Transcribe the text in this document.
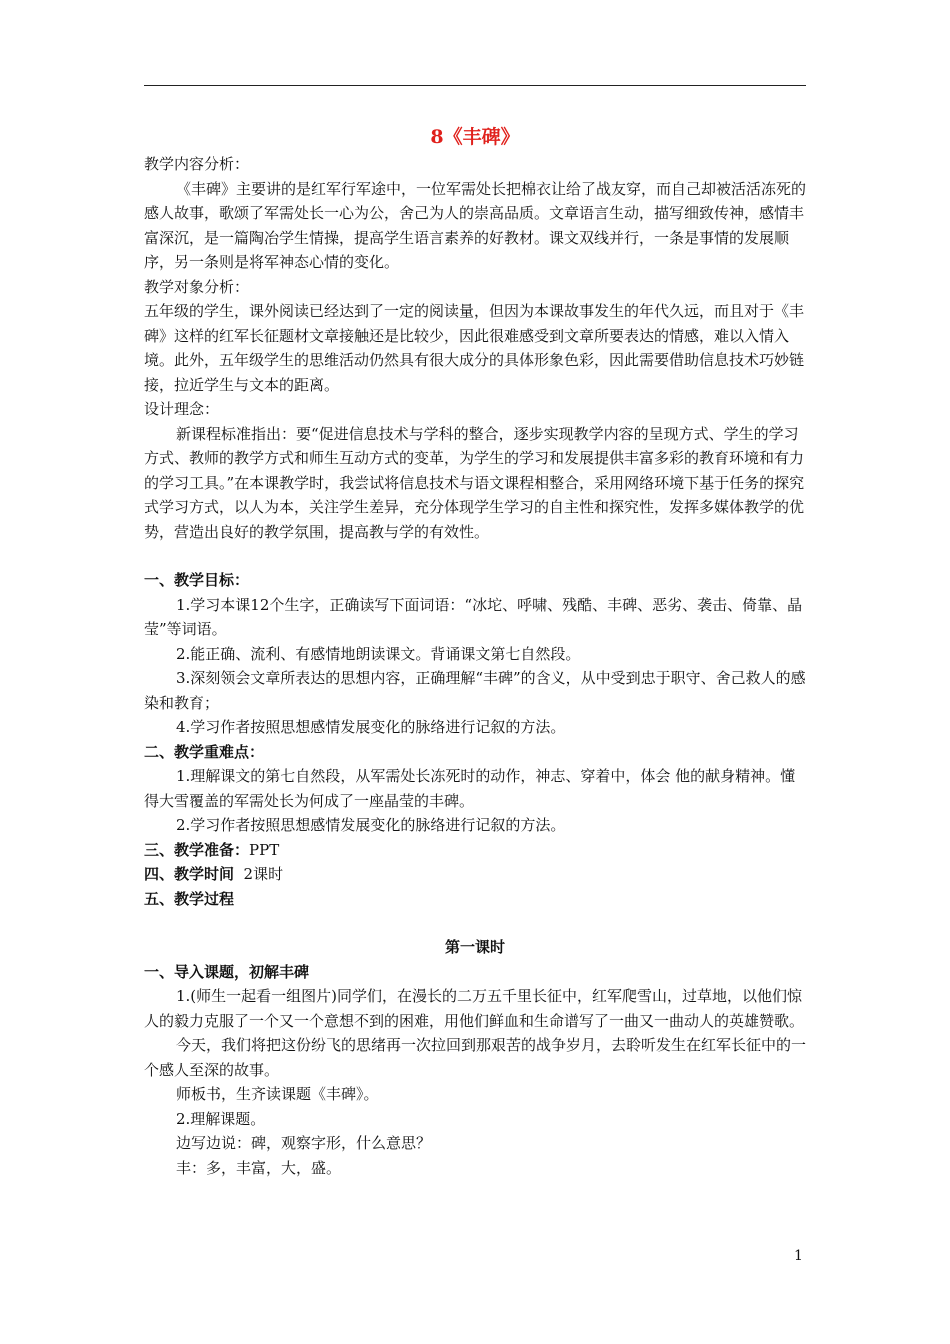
8《丰碑》

教学内容分析：

《丰碑》主要讲的是红军行军途中，一位军需处长把棉衣让给了战友穿，而自己却被活活冻死的感人故事，歌颂了军需处长一心为公，舍己为人的崇高品质。文章语言生动，描写细致传神，感情丰富深沉，是一篇陶冶学生情操，提高学生语言素养的好教材。课文双线并行，一条是事情的发展顺序，另一条则是将军神态心情的变化。

教学对象分析：

五年级的学生，课外阅读已经达到了一定的阅读量，但因为本课故事发生的年代久远，而且对于《丰碑》这样的红军长征题材文章接触还是比较少，因此很难感受到文章所要表达的情感，难以入情入境。此外，五年级学生的思维活动仍然具有很大成分的具体形象色彩，因此需要借助信息技术巧妙链接，拉近学生与文本的距离。

设计理念：

新课程标准指出：要“促进信息技术与学科的整合，逐步实现教学内容的呈现方式、学生的学习方式、教师的教学方式和师生互动方式的变革，为学生的学习和发展提供丰富多彩的教育环境和有力的学习工具。”在本课教学时，我尝试将信息技术与语文课程相整合，采用网络环境下基于任务的探究式学习方式，以人为本，关注学生差异，充分体现学生学习的自主性和探究性，发挥多媒体教学的优势，营造出良好的教学氛围，提高教与学的有效性。

一、教学目标：

1.学习本课12个生字，正确读写下面词语：“冰坨、呼啸、残酷、丰碑、恶劣、袭击、倚靠、晶莹”等词语。

2.能正确、流利、有感情地朗读课文。背诵课文第七自然段。

3.深刻领会文章所表达的思想内容，正确理解“丰碑”的含义，从中受到忠于职守、舍己救人的感染和教育；

4.学习作者按照思想感情发展变化的脉络进行记叙的方法。

二、教学重难点：

1.理解课文的第七自然段，从军需处长冻死时的动作，神志、穿着中，体会 他的献身精神。懂得大雪覆盖的军需处长为何成了一座晶莹的丰碑。

2.学习作者按照思想感情发展变化的脉络进行记叙的方法。

三、教学准备：PPT

四、教学时间  2课时

五、教学过程

第一课时

一、导入课题，初解丰碑

1.(师生一起看一组图片)同学们，在漫长的二万五千里长征中，红军爬雪山，过草地，以他们惊人的毅力克服了一个又一个意想不到的困难，用他们鲜血和生命谱写了一曲又一曲动人的英雄赞歌。

今天，我们将把这份纷飞的思绪再一次拉回到那艰苦的战争岁月，去聆听发生在红军长征中的一个感人至深的故事。

师板书，生齐读课题《丰碑》。

2.理解课题。

边写边说：碑，观察字形，什么意思？

丰：多，丰富，大，盛。

1
